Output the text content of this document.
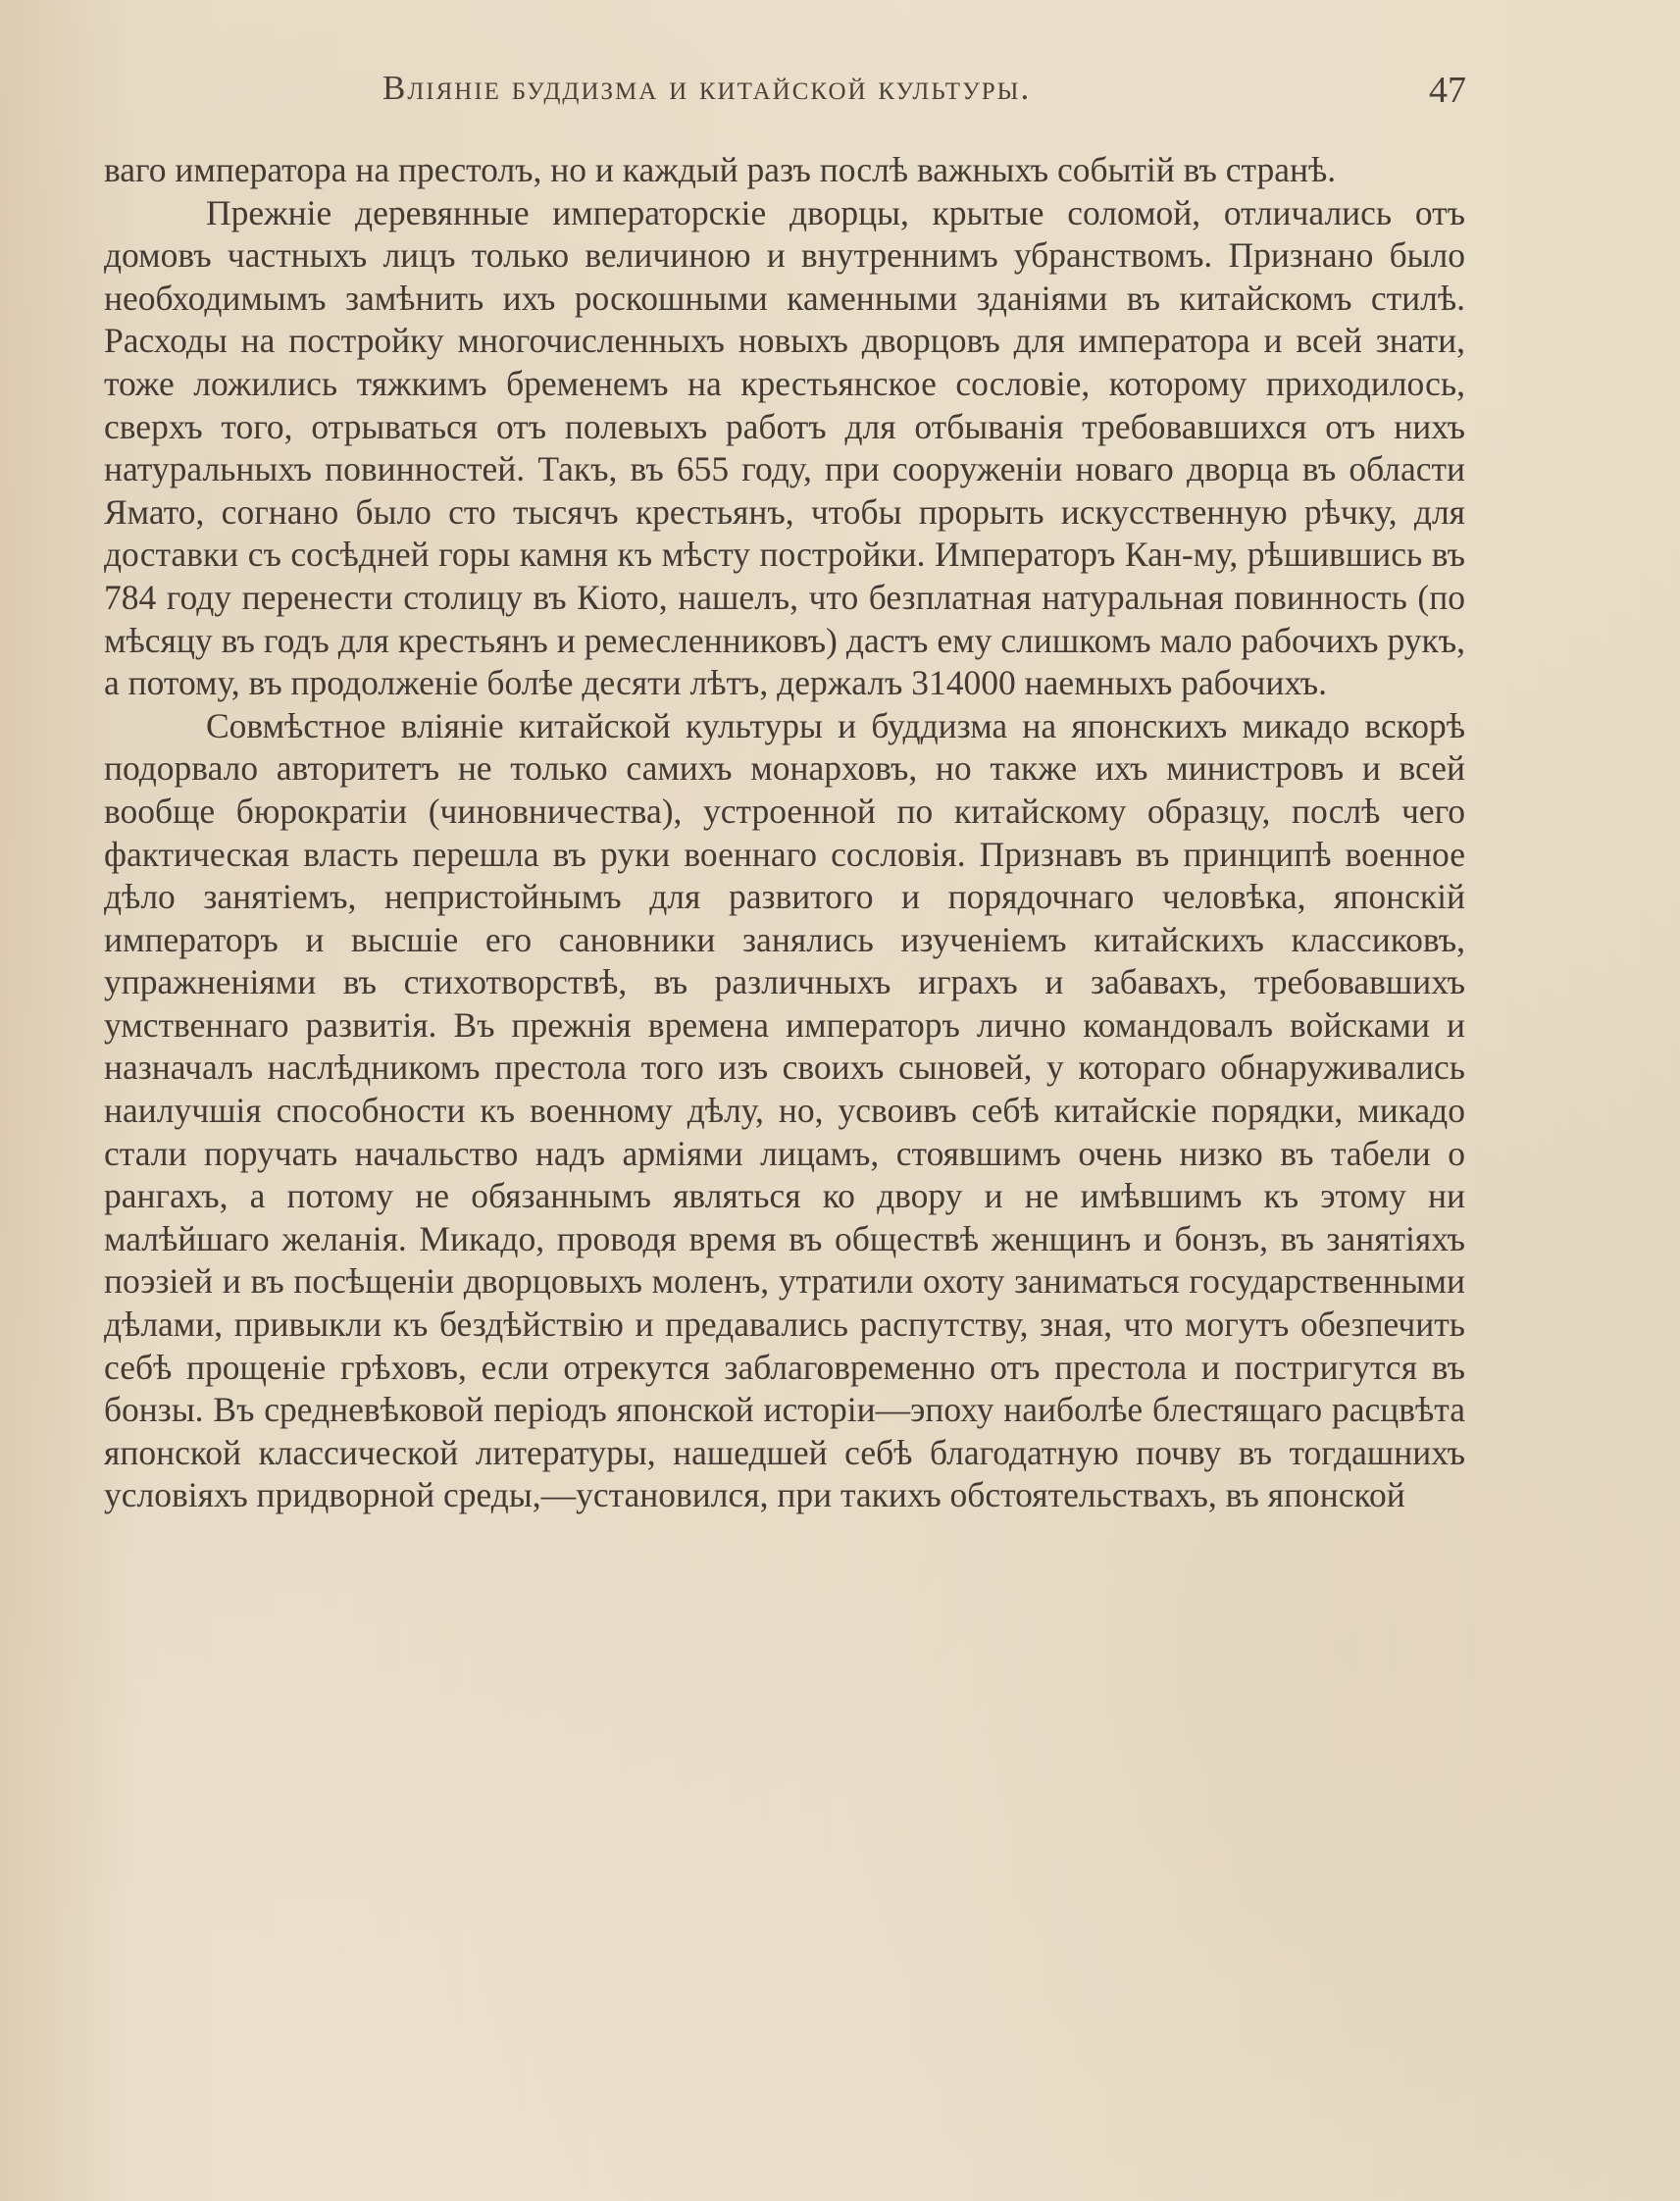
Вліяніе буддизма и китайской культуры.	47

ваго императора на престолъ, но и каждый разъ послѣ важныхъ событій въ странѣ.

Прежніе деревянные императорскіе дворцы, крытые соломой, отличались отъ домовъ частныхъ лицъ только величиною и внутреннимъ убранствомъ. Признано было необходимымъ замѣнить ихъ роскошными каменными зданіями въ китайскомъ стилѣ. Расходы на постройку многочисленныхъ новыхъ дворцовъ для императора и всей знати, тоже ложились тяжкимъ бременемъ на крестьянское сословіе, которому приходилось, сверхъ того, отрываться отъ полевыхъ работъ для отбыванія требовавшихся отъ нихъ натуральныхъ повинностей. Такъ, въ 655 году, при сооруженіи новаго дворца въ области Ямато, согнано было сто тысячъ крестьянъ, чтобы прорыть искусственную рѣчку, для доставки съ сосѣдней горы камня къ мѣсту постройки. Императоръ Кан-му, рѣшившись въ 784 году перенести столицу въ Кіото, нашелъ, что безплатная натуральная повинность (по мѣсяцу въ годъ для крестьянъ и ремесленниковъ) дастъ ему слишкомъ мало рабочихъ рукъ, а потому, въ продолженіе болѣе десяти лѣтъ, держалъ 314000 наемныхъ рабочихъ.

Совмѣстное вліяніе китайской культуры и буддизма на японскихъ микадо вскорѣ подорвало авторитетъ не только самихъ монарховъ, но также ихъ министровъ и всей вообще бюрократіи (чиновничества), устроенной по китайскому образцу, послѣ чего фактическая власть перешла въ руки военнаго сословія. Признавъ въ принципѣ военное дѣло занятіемъ, непристойнымъ для развитого и порядочнаго человѣка, японскій императоръ и высшіе его сановники занялись изученіемъ китайскихъ классиковъ, упражненіями въ стихотворствѣ, въ различныхъ играхъ и забавахъ, требовавшихъ умственнаго развитія. Въ прежнія времена императоръ лично командовалъ войсками и назначалъ наслѣдникомъ престола того изъ своихъ сыновей, у котораго обнаруживались наилучшія способности къ военному дѣлу, но, усвоивъ себѣ китайскіе порядки, микадо стали поручать начальство надъ арміями лицамъ, стоявшимъ очень низко въ табели о рангахъ, а потому не обязаннымъ являться ко двору и не имѣвшимъ къ этому ни малѣйшаго желанія. Микадо, проводя время въ обществѣ женщинъ и бонзъ, въ занятіяхъ поэзіей и въ посѣщеніи дворцовыхъ моленъ, утратили охоту заниматься государственными дѣлами, привыкли къ бездѣйствію и предавались распутству, зная, что могутъ обезпечить себѣ прощеніе грѣховъ, если отрекутся заблаговременно отъ престола и постригутся въ бонзы. Въ средневѣковой періодъ японской исторіи—эпоху наиболѣе блестящаго расцвѣта японской классической литературы, нашедшей себѣ благодатную почву въ тогдашнихъ условіяхъ придворной среды,—установился, при такихъ обстоятельствахъ, въ японской
